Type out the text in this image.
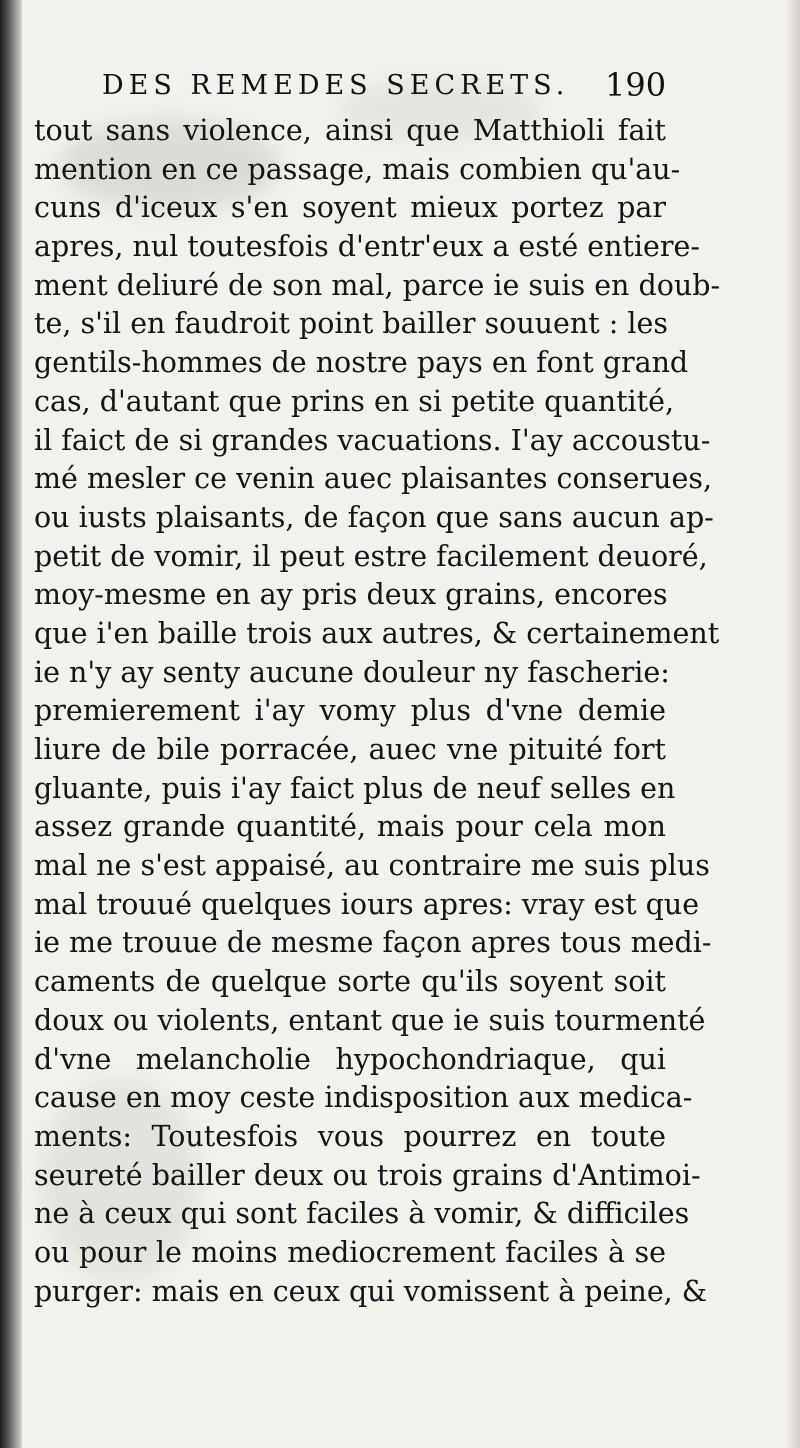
DES REMEDES SECRETS.	190
tout sans violence, ainsi que Matthioli fait
mention en ce passage, mais combien qu'au-
cuns d'iceux s'en soyent mieux portez par
apres, nul toutesfois d'entr'eux a esté entiere-
ment deliuré de son mal, parce ie suis en doub-
te, s'il en faudroit point bailler souuent : les
gentils-hommes de nostre pays en font grand
cas, d'autant que prins en si petite quantité,
il faict de si grandes vacuations. I'ay accoustu-
mé mesler ce venin auec plaisantes conserues,
ou iusts plaisants, de façon que sans aucun ap-
petit de vomir, il peut estre facilement deuoré,
moy-mesme en ay pris deux grains, encores
que i'en baille trois aux autres, & certainement
ie n'y ay senty aucune douleur ny fascherie:
premierement i'ay vomy plus d'vne demie
liure de bile porracée, auec vne pituité fort
gluante, puis i'ay faict plus de neuf selles en
assez grande quantité, mais pour cela mon
mal ne s'est appaisé, au contraire me suis plus
mal trouué quelques iours apres: vray est que
ie me trouue de mesme façon apres tous medi-
caments de quelque sorte qu'ils soyent soit
doux ou violents, entant que ie suis tourmenté
d'vne melancholie hypochondriaque, qui
cause en moy ceste indisposition aux medica-
ments: Toutesfois vous pourrez en toute
seureté bailler deux ou trois grains d'Antimoi-
ne à ceux qui sont faciles à vomir, & difficiles
ou pour le moins mediocrement faciles à se
purger: mais en ceux qui vomissent à peine, &
